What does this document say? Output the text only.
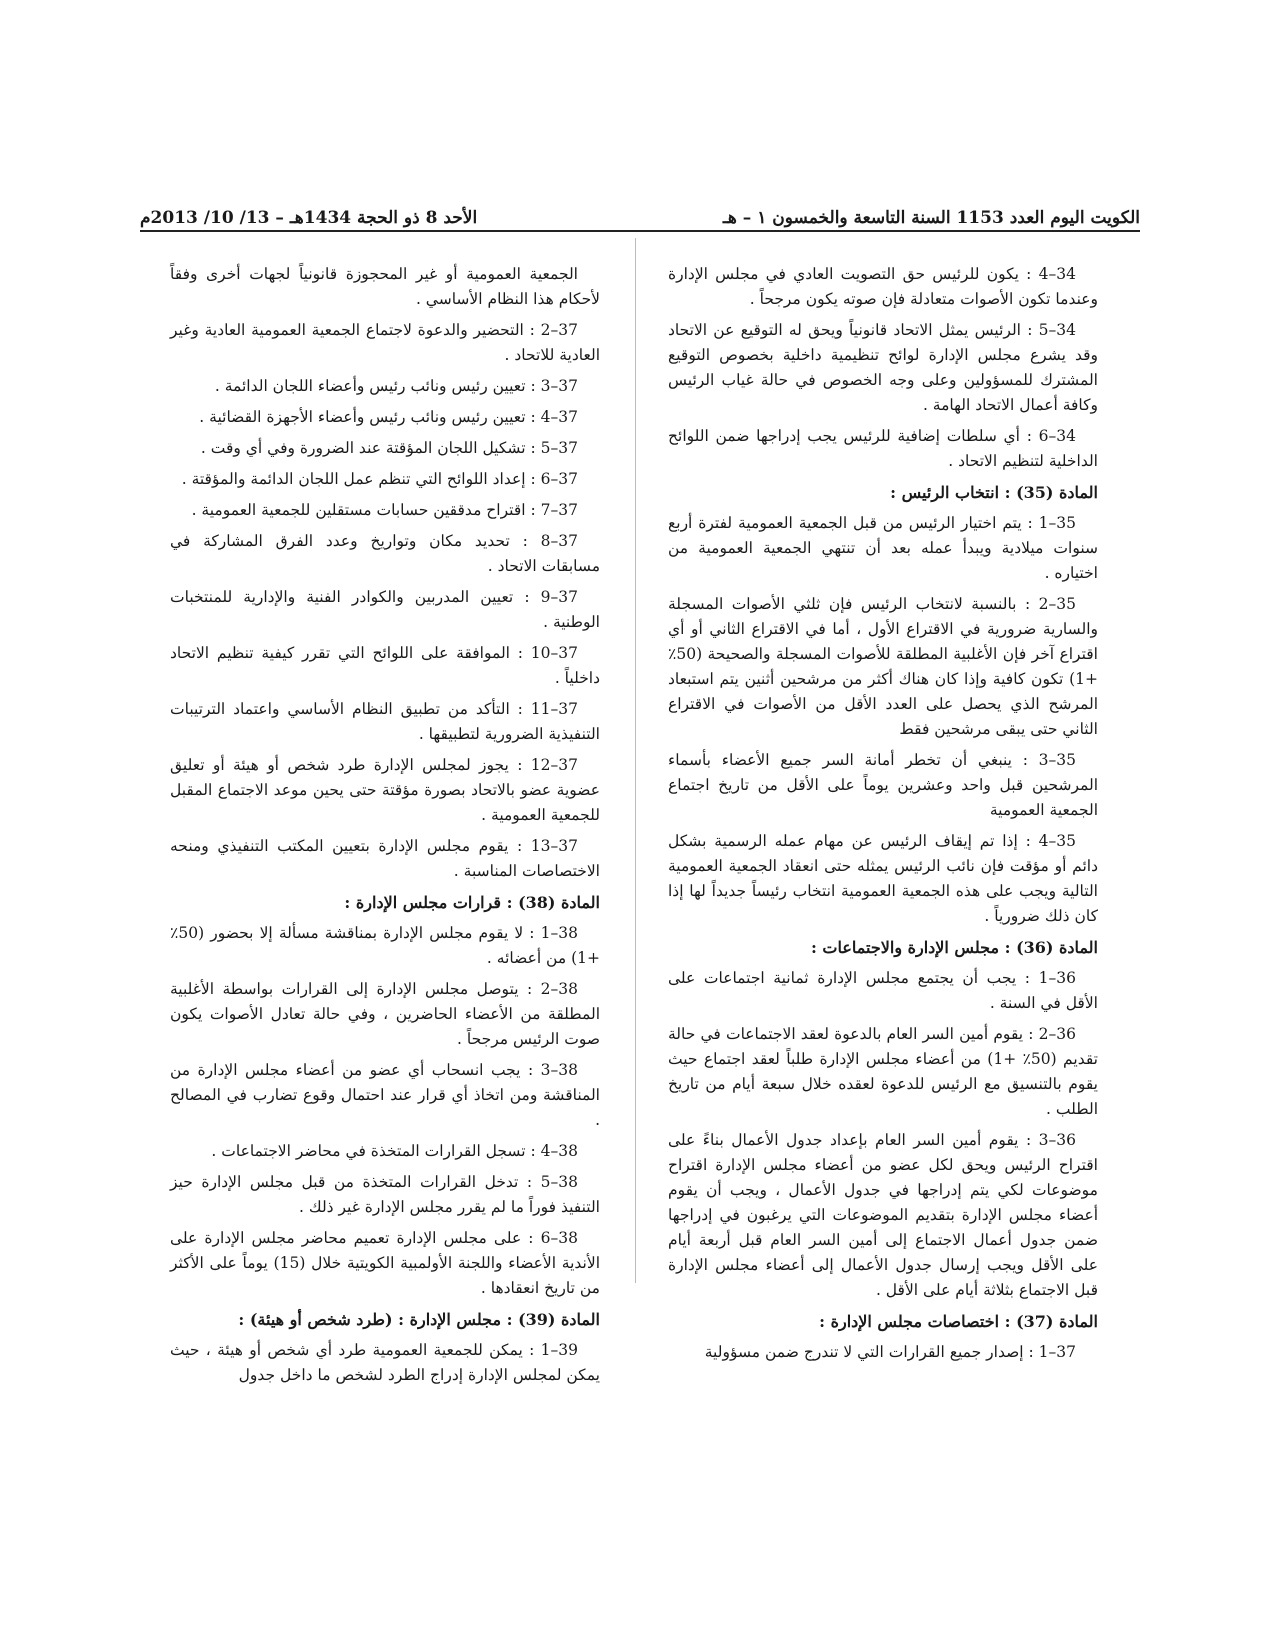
الكويت اليوم العدد 1153 السنة التاسعة والخمسون ١ – هـ
الأحد 8 ذو الحجة 1434هـ – 13/ 10/ 2013م

34–4 : يكون للرئيس حق التصويت العادي في مجلس الإدارة وعندما تكون الأصوات متعادلة فإن صوته يكون مرجحاً .

34–5 : الرئيس يمثل الاتحاد قانونياً ويحق له التوقيع عن الاتحاد وقد يشرع مجلس الإدارة لوائح تنظيمية داخلية بخصوص التوقيع المشترك للمسؤولين وعلى وجه الخصوص في حالة غياب الرئيس وكافة أعمال الاتحاد الهامة .

34–6 : أي سلطات إضافية للرئيس يجب إدراجها ضمن اللوائح الداخلية لتنظيم الاتحاد .

المادة (35) : انتخاب الرئيس :

35–1 : يتم اختيار الرئيس من قبل الجمعية العمومية لفترة أربع سنوات ميلادية ويبدأ عمله بعد أن تنتهي الجمعية العمومية من اختياره .

35–2 : بالنسبة لانتخاب الرئيس فإن ثلثي الأصوات المسجلة والسارية ضرورية في الاقتراع الأول ، أما في الاقتراع الثاني أو أي اقتراع آخر فإن الأغلبية المطلقة للأصوات المسجلة والصحيحة (50٪ +1) تكون كافية وإذا كان هناك أكثر من مرشحين أثنين يتم استبعاد المرشح الذي يحصل على العدد الأقل من الأصوات في الاقتراع الثاني حتى يبقى مرشحين فقط

35–3 : ينبغي أن تخطر أمانة السر جميع الأعضاء بأسماء المرشحين قبل واحد وعشرين يوماً على الأقل من تاريخ اجتماع الجمعية العمومية

35–4 : إذا تم إيقاف الرئيس عن مهام عمله الرسمية بشكل دائم أو مؤقت فإن نائب الرئيس يمثله حتى انعقاد الجمعية العمومية التالية ويجب على هذه الجمعية العمومية انتخاب رئيساً جديداً لها إذا كان ذلك ضرورياً .

المادة (36) : مجلس الإدارة والاجتماعات :

36–1 : يجب أن يجتمع مجلس الإدارة ثمانية اجتماعات على الأقل في السنة .

36–2 : يقوم أمين السر العام بالدعوة لعقد الاجتماعات في حالة تقديم (50٪ +1) من أعضاء مجلس الإدارة طلباً لعقد اجتماع حيث يقوم بالتنسيق مع الرئيس للدعوة لعقده خلال سبعة أيام من تاريخ الطلب .

36–3 : يقوم أمين السر العام بإعداد جدول الأعمال بناءً على اقتراح الرئيس ويحق لكل عضو من أعضاء مجلس الإدارة اقتراح موضوعات لكي يتم إدراجها في جدول الأعمال ، ويجب أن يقوم أعضاء مجلس الإدارة بتقديم الموضوعات التي يرغبون في إدراجها ضمن جدول أعمال الاجتماع إلى أمين السر العام قبل أربعة أيام على الأقل ويجب إرسال جدول الأعمال إلى أعضاء مجلس الإدارة قبل الاجتماع بثلاثة أيام على الأقل .

المادة (37) : اختصاصات مجلس الإدارة :

37–1 : إصدار جميع القرارات التي لا تندرج ضمن مسؤولية

الجمعية العمومية أو غير المحجوزة قانونياً لجهات أخرى وفقاً لأحكام هذا النظام الأساسي .

37–2 : التحضير والدعوة لاجتماع الجمعية العمومية العادية وغير العادية للاتحاد .

37–3 : تعيين رئيس ونائب رئيس وأعضاء اللجان الدائمة .

37–4 : تعيين رئيس ونائب رئيس وأعضاء الأجهزة القضائية .

37–5 : تشكيل اللجان المؤقتة عند الضرورة وفي أي وقت .

37–6 : إعداد اللوائح التي تنظم عمل اللجان الدائمة والمؤقتة .

37–7 : اقتراح مدققين حسابات مستقلين للجمعية العمومية .

37–8 : تحديد مكان وتواريخ وعدد الفرق المشاركة في مسابقات الاتحاد .

37–9 : تعيين المدربين والكوادر الفنية والإدارية للمنتخبات الوطنية .

37–10 : الموافقة على اللوائح التي تقرر كيفية تنظيم الاتحاد داخلياً .

37–11 : التأكد من تطبيق النظام الأساسي واعتماد الترتيبات التنفيذية الضرورية لتطبيقها .

37–12 : يجوز لمجلس الإدارة طرد شخص أو هيئة أو تعليق عضوية عضو بالاتحاد بصورة مؤقتة حتى يحين موعد الاجتماع المقبل للجمعية العمومية .

37–13 : يقوم مجلس الإدارة بتعيين المكتب التنفيذي ومنحه الاختصاصات المناسبة .

المادة (38) : قرارات مجلس الإدارة :

38–1 : لا يقوم مجلس الإدارة بمناقشة مسألة إلا بحضور (50٪ +1) من أعضائه .

38–2 : يتوصل مجلس الإدارة إلى القرارات بواسطة الأغلبية المطلقة من الأعضاء الحاضرين ، وفي حالة تعادل الأصوات يكون صوت الرئيس مرجحاً .

38–3 : يجب انسحاب أي عضو من أعضاء مجلس الإدارة من المناقشة ومن اتخاذ أي قرار عند احتمال وقوع تضارب في المصالح .

38–4 : تسجل القرارات المتخذة في محاضر الاجتماعات .

38–5 : تدخل القرارات المتخذة من قبل مجلس الإدارة حيز التنفيذ فوراً ما لم يقرر مجلس الإدارة غير ذلك .

38–6 : على مجلس الإدارة تعميم محاضر مجلس الإدارة على الأندية الأعضاء واللجنة الأولمبية الكويتية خلال (15) يوماً على الأكثر من تاريخ انعقادها .

المادة (39) : مجلس الإدارة : (طرد شخص أو هيئة) :

39–1 : يمكن للجمعية العمومية طرد أي شخص أو هيئة ، حيث يمكن لمجلس الإدارة إدراج الطرد لشخص ما داخل جدول
